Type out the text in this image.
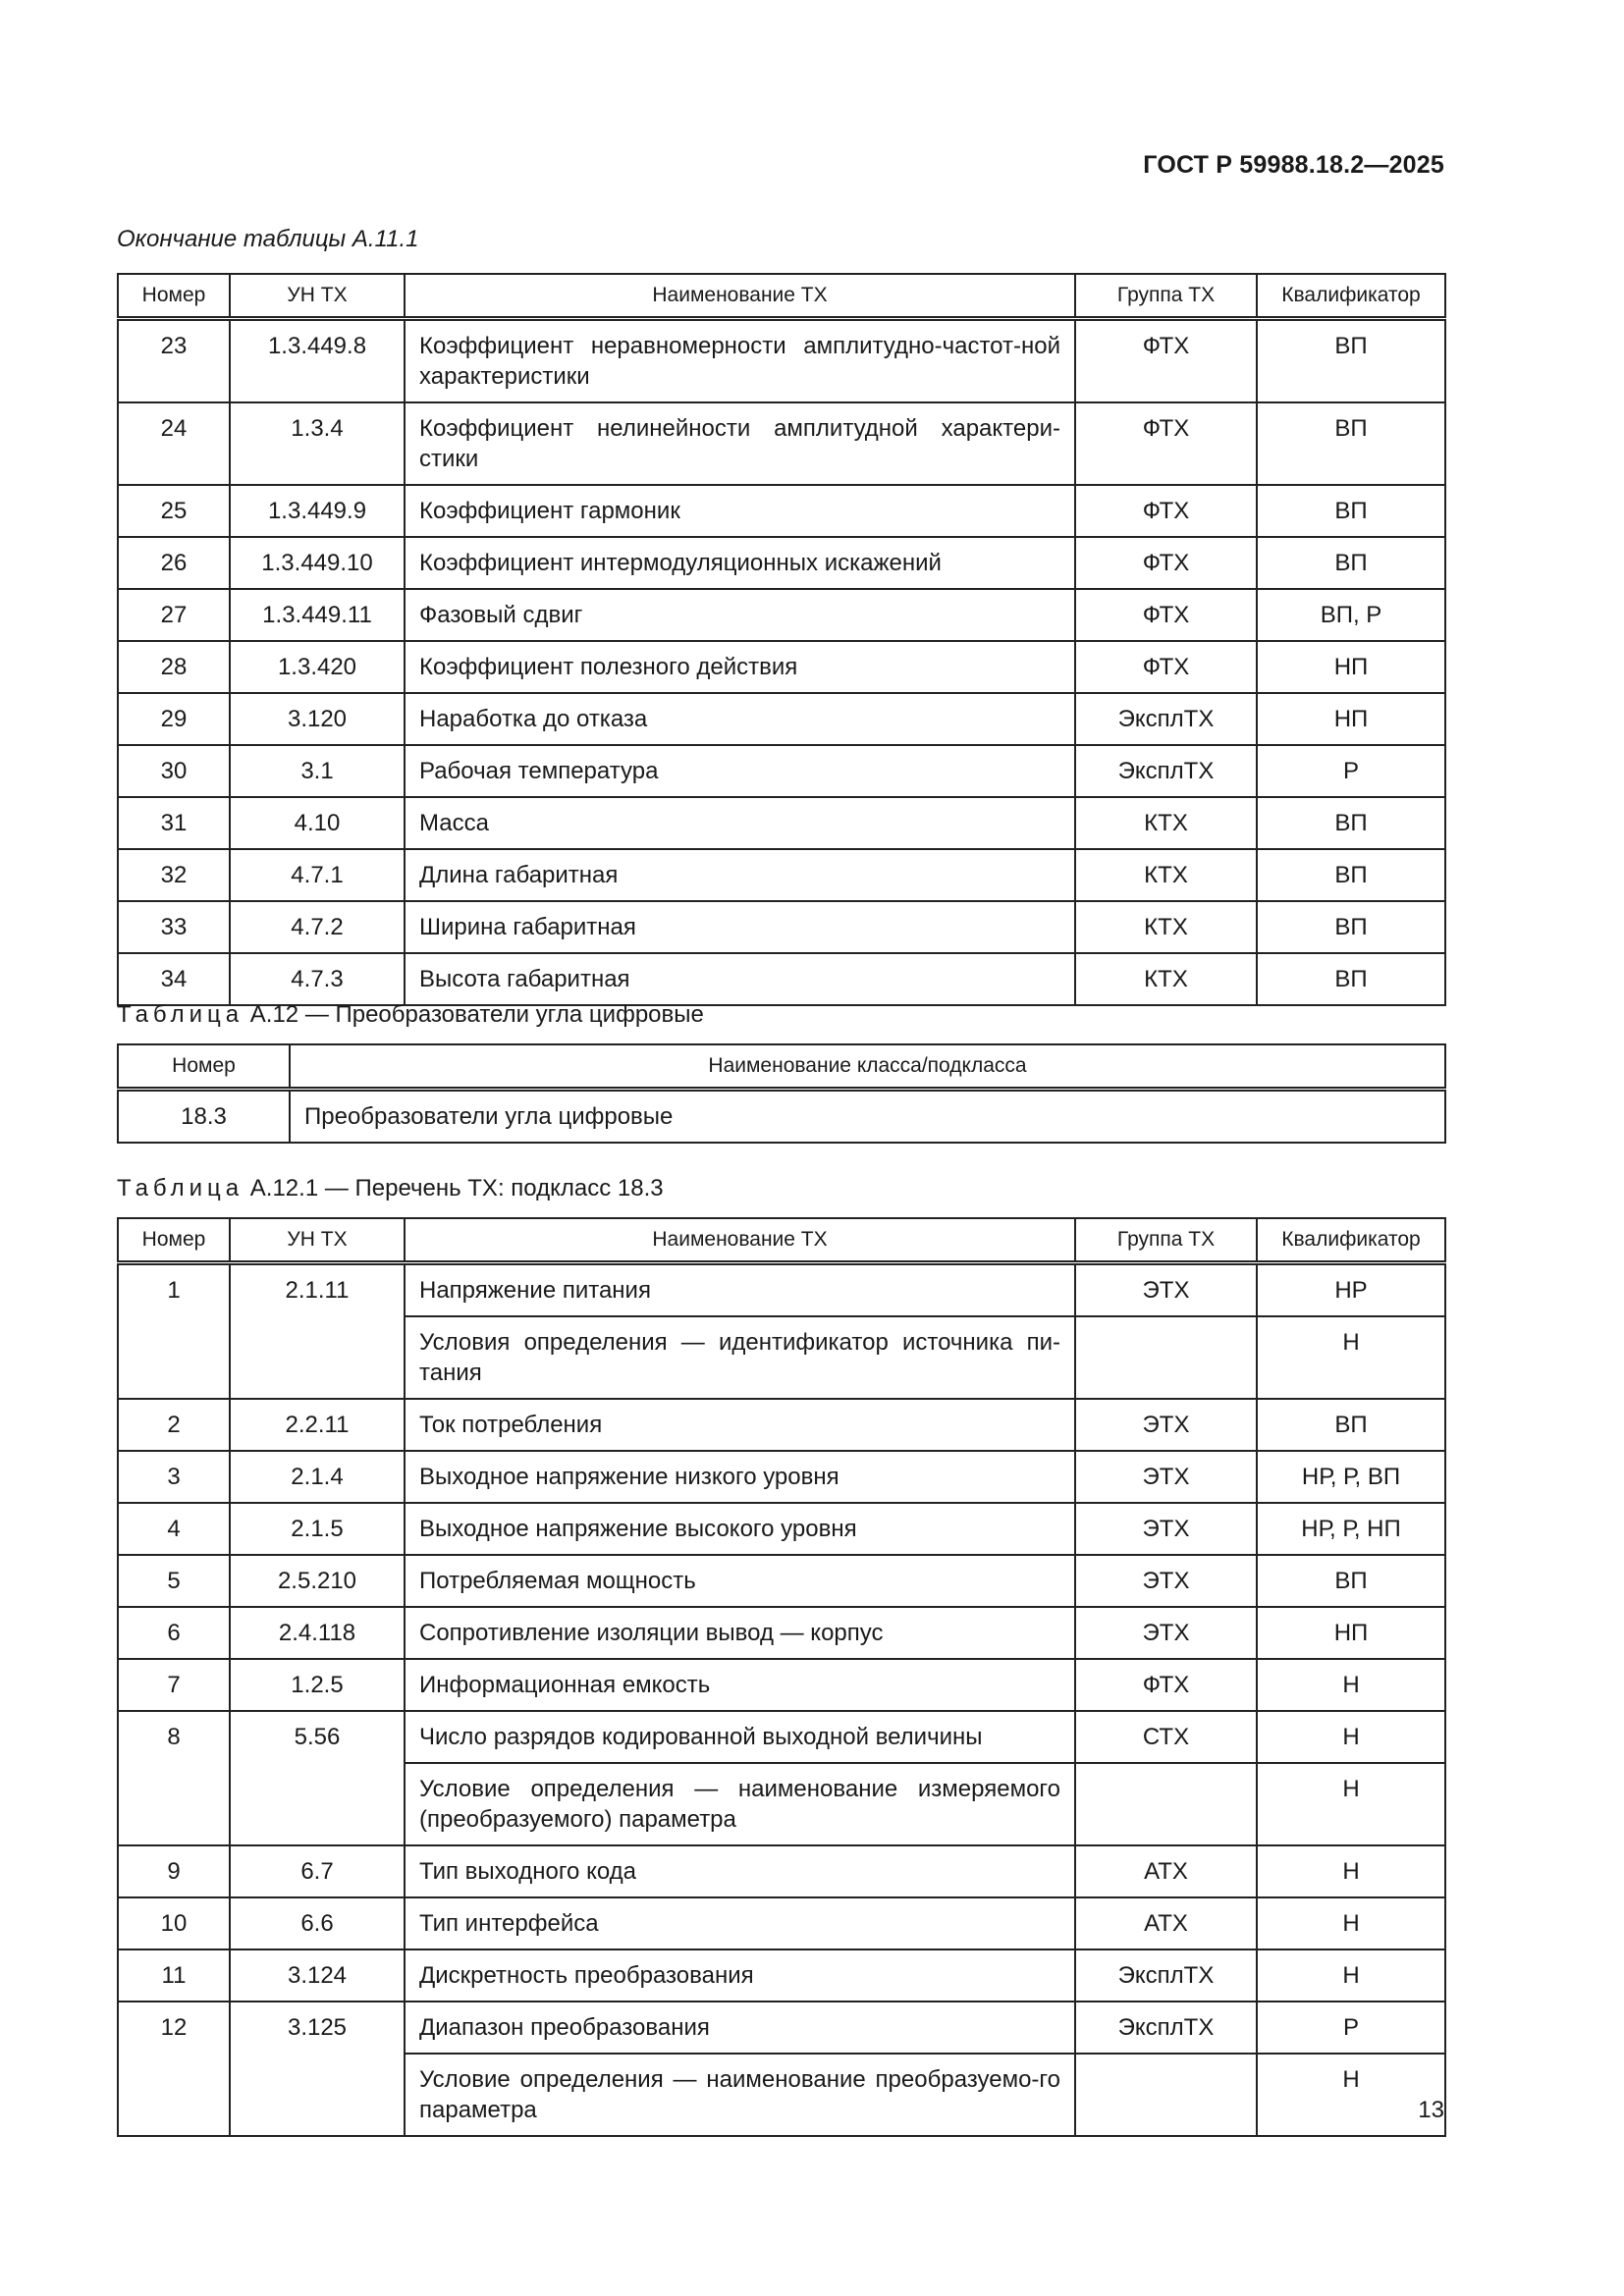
ГОСТ Р 59988.18.2—2025
Окончание таблицы А.11.1
Номер	УН ТХ	Наименование ТХ	Группа ТХ	Квалификатор
23	1.3.449.8	Коэффициент неравномерности амплитудно-частот-ной характеристики	ФТХ	ВП
24	1.3.4	Коэффициент нелинейности амплитудной характери-стики	ФТХ	ВП
25	1.3.449.9	Коэффициент гармоник	ФТХ	ВП
26	1.3.449.10	Коэффициент интермодуляционных искажений	ФТХ	ВП
27	1.3.449.11	Фазовый сдвиг	ФТХ	ВП, Р
28	1.3.420	Коэффициент полезного действия	ФТХ	НП
29	3.120	Наработка до отказа	ЭксплТХ	НП
30	3.1	Рабочая температура	ЭксплТХ	Р
31	4.10	Масса	КТХ	ВП
32	4.7.1	Длина габаритная	КТХ	ВП
33	4.7.2	Ширина габаритная	КТХ	ВП
34	4.7.3	Высота габаритная	КТХ	ВП
Таблица А.12 — Преобразователи угла цифровые
Номер	Наименование класса/подкласса
18.3	Преобразователи угла цифровые
Таблица А.12.1 — Перечень ТХ: подкласс 18.3
Номер	УН ТХ	Наименование ТХ	Группа ТХ	Квалификатор
1	2.1.11	Напряжение питания	ЭТХ	НР
		Условия определения — идентификатор источника пи-тания		Н
2	2.2.11	Ток потребления	ЭТХ	ВП
3	2.1.4	Выходное напряжение низкого уровня	ЭТХ	НР, Р, ВП
4	2.1.5	Выходное напряжение высокого уровня	ЭТХ	НР, Р, НП
5	2.5.210	Потребляемая мощность	ЭТХ	ВП
6	2.4.118	Сопротивление изоляции вывод — корпус	ЭТХ	НП
7	1.2.5	Информационная емкость	ФТХ	Н
8	5.56	Число разрядов кодированной выходной величины	СТХ	Н
		Условие определения — наименование измеряемого (преобразуемого) параметра		Н
9	6.7	Тип выходного кода	АТХ	Н
10	6.6	Тип интерфейса	АТХ	Н
11	3.124	Дискретность преобразования	ЭксплТХ	Н
12	3.125	Диапазон преобразования	ЭксплТХ	Р
		Условие определения — наименование преобразуемо-го параметра		Н
13
